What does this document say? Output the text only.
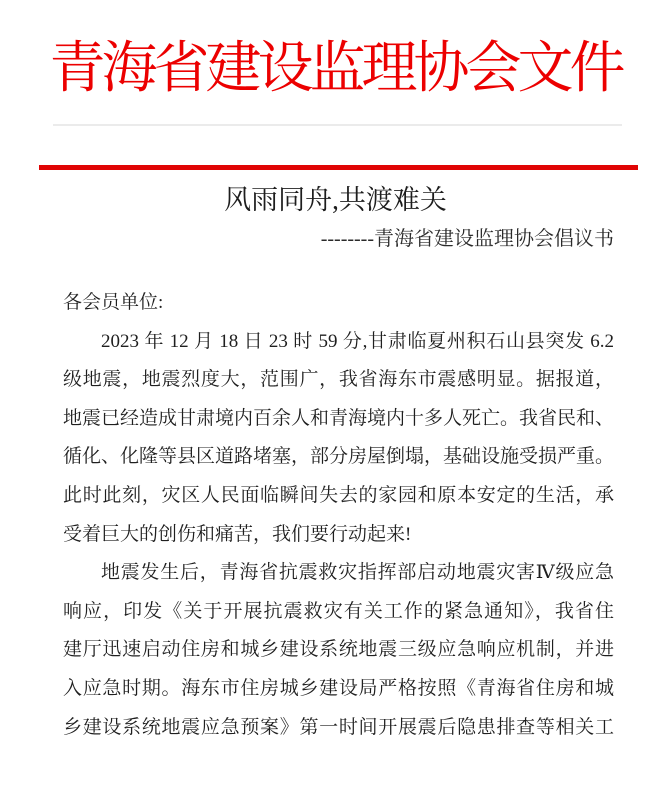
青海省建设监理协会文件
风雨同舟,共渡难关
--------青海省建设监理协会倡议书
各会员单位:
2023 年 12 月 18 日 23 时 59 分,甘肃临夏州积石山县突发 6.2
级地震，地震烈度大，范围广，我省海东市震感明显。据报道，
地震已经造成甘肃境内百余人和青海境内十多人死亡。我省民和、
循化、化隆等县区道路堵塞，部分房屋倒塌，基础设施受损严重。
此时此刻，灾区人民面临瞬间失去的家园和原本安定的生活，承
受着巨大的创伤和痛苦，我们要行动起来!
地震发生后，青海省抗震救灾指挥部启动地震灾害Ⅳ级应急
响应，印发《关于开展抗震救灾有关工作的紧急通知》，我省住
建厅迅速启动住房和城乡建设系统地震三级应急响应机制，并进
入应急时期。海东市住房城乡建设局严格按照《青海省住房和城
乡建设系统地震应急预案》第一时间开展震后隐患排查等相关工
